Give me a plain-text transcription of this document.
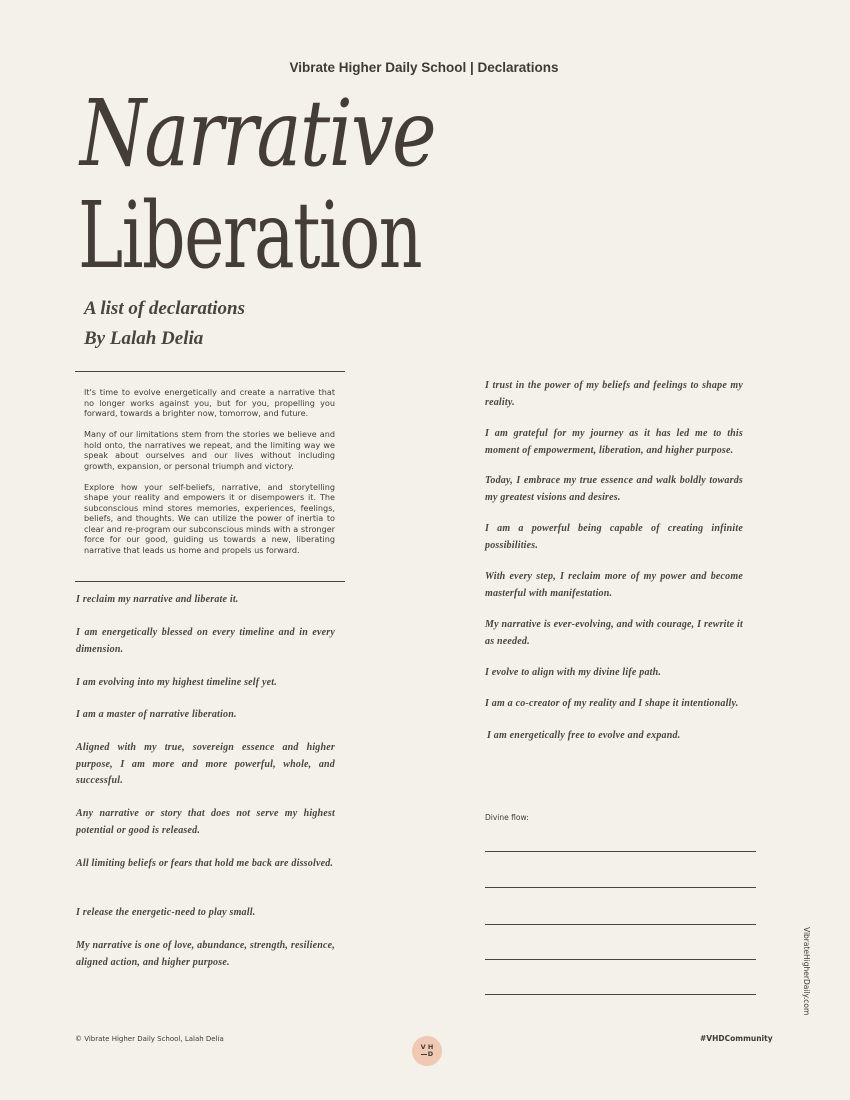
Vibrate Higher Daily School | Declarations
Narrative
Liberation
A list of declarations
By Lalah Delia

It's time to evolve energetically and create a narrative that no longer works against you, but for you, propelling you forward, towards a brighter now, tomorrow, and future.

Many of our limitations stem from the stories we believe and hold onto, the narratives we repeat, and the limiting way we speak about ourselves and our lives without including growth, expansion, or personal triumph and victory.

Explore how your self-beliefs, narrative, and storytelling shape your reality and empowers it or disempowers it. The subconscious mind stores memories, experiences, feelings, beliefs, and thoughts. We can utilize the power of inertia to clear and re-program our subconscious minds with a stronger force for our good, guiding us towards a new, liberating narrative that leads us home and propels us forward.

I reclaim my narrative and liberate it.

I am energetically blessed on every timeline and in every dimension.

I am evolving into my highest timeline self yet.

I am a master of narrative liberation.

Aligned with my true, sovereign essence and higher purpose, I am more and more powerful, whole, and successful.

Any narrative or story that does not serve my highest potential or good is released.

All limiting beliefs or fears that hold me back are dissolved.

I release the energetic-need to play small.

My narrative is one of love, abundance, strength, resilience, aligned action, and higher purpose.

I trust in the power of my beliefs and feelings to shape my reality.

I am grateful for my journey as it has led me to this moment of empowerment, liberation, and higher purpose.

Today, I embrace my true essence and walk boldly towards my greatest visions and desires.

I am a powerful being capable of creating infinite possibilities.

With every step, I reclaim more of my power and become masterful with manifestation.

My narrative is ever-evolving, and with courage, I rewrite it as needed.

I evolve to align with my divine life path.

I am a co-creator of my reality and I shape it intentionally.

I am energetically free to evolve and expand.

Divine flow:
VibrateHigherDaily.com
© Vibrate Higher Daily School, Lalah Delia
V H
D
#VHDCommunity
